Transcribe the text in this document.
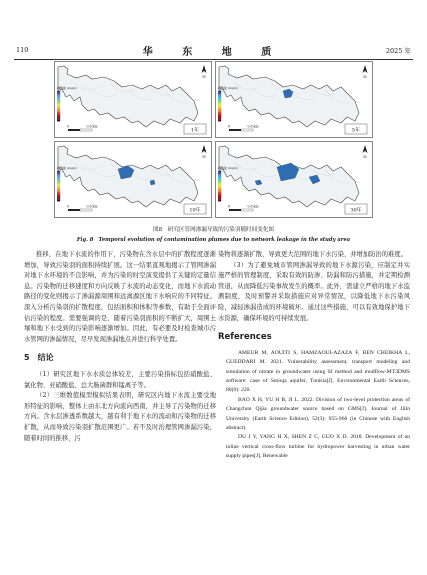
110	华 东 地 质	2025 年
N
1年
0	0.6 km
磷酸盐 (mg/L)
0
N
5年
0	0.6 km
磷酸盐 (mg/L)
0
N
10年
0	0.6 km
磷酸盐 (mg/L)
0
N
30年
0	0.6 km
磷酸盐 (mg/L)
0
图8　研究区管网渗漏导致的污染羽随时间变化图
Fig. 8　Temporal evolution of contamination plumes due to network leakage in the study area

推移，在地下水流的作用下，污染物在含水层中的扩散程度逐渐增加，导致污染羽的面积持续扩展。这一结果直观地揭示了管网渗漏对地下水环境的不良影响，并为污染的时空演变提供了关键的定量信息。污染物的迁移速度和方向反映了水流的动态变化，而地下水流动路径的变化则揭示了渗漏源周围和远离源区地下水响应的不同特征。深入分析污染羽的扩散程度，包括面积和体积等参数，有助于全面评估污染的程度。需要强调的是，随着污染羽面积的不断扩大，周围土壤和地下水受到的污染影响逐渐增加。因此，有必要及时检查城市污水管网的渗漏情况，尽早发现渗漏地点并进行科学处置。

5　结论

（1）研究区地下水水质总体较差，主要污染指标包括硝酸盐、氯化物、亚硝酸盐、总大肠菌群和锰离子等。

（2）三维数值模型模拟结果表明，研究区内地下水流主要受地形特征的影响，整体上由东北方向流向西南，并主导了污染物的迁移方向。含水层渗透系数越大，越有利于地下水的流动和污染物的迁移扩散，从而导致污染羽扩散范围更广。若不及时治理管网渗漏污染，随着时间的推移，污

染物将逐渐扩散，导致更大范围的地下水污染，并增加防治的难度。

（3）为了避免城市管网渗漏导致的地下水源污染，应制定并实施严格的管理制度，采取有效的防渗、防漏和防污措施，并定期检测管道，从而降低污染事故发生的概率。此外，需建立严格的地下水监测制度，及时预警并采取措施应对异常情况，以降低地下水污染风险，减轻渗漏造成的环境破坏。通过这些措施，可以有效地保护地下水资源，确保环境的可持续发展。

References

AMEUR M, AOUITI S, HAMZAOUI-AZAZA F, BEN CHEIKHA L, GUEDDARI M. 2021. Vulnerability assessment, transport modeling and simulation of nitrate in groundwater using SI method and modflow-MT3DMS software: case of Sminja aquifer, Tunisia[J]. Environmental Earth Sciences, 80(6): 220.

BAO X H, YU H B, JI L. 2022. Division of two-level protection areas of Changchun Qijia groundwater source based on GMS[J]. Journal of Jilin University (Earth Science Edition), 52(3): 955-966 (in Chinese with English abstract).

DU J Y, YANG H X, SHEN Z C, GUO X D. 2018. Development of an inline vertical cross-flow turbine for hydropower harvesting in urban water supply pipes[J]. Renewable
